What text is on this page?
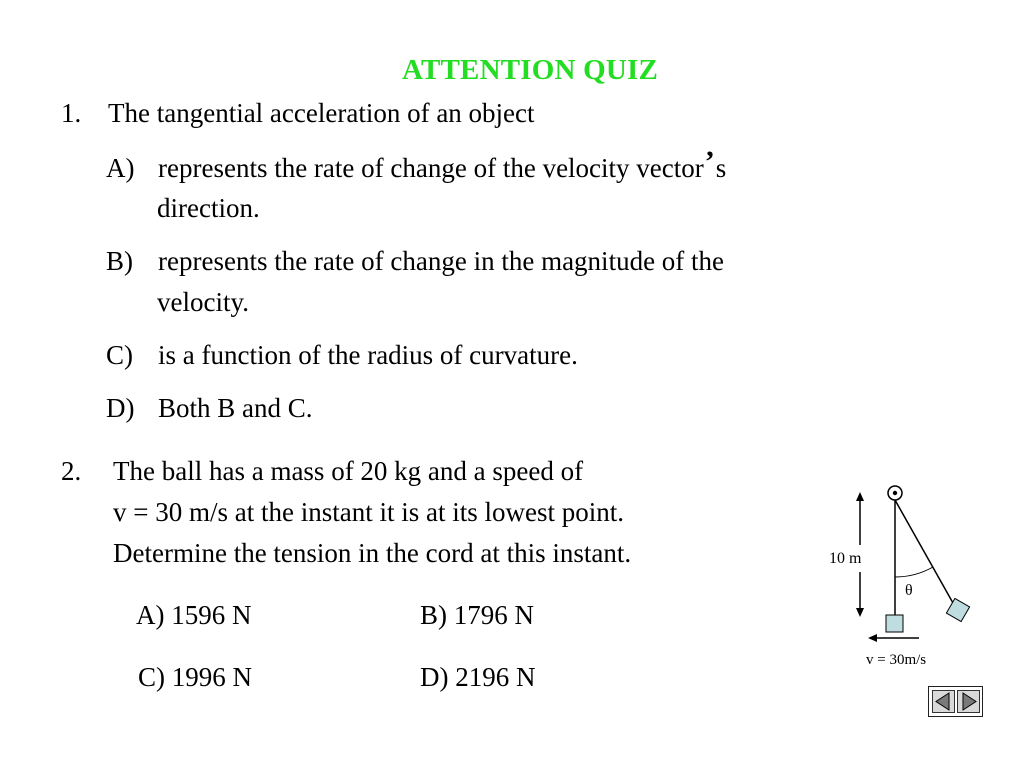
ATTENTION QUIZ
1. The tangential acceleration of an object
A) represents the rate of change of the velocity vector’s
direction.
B) represents the rate of change in the magnitude of the
velocity.
C) is a function of the radius of curvature.
D) Both B and C.
2. The ball has a mass of 20 kg and a speed of
v = 30 m/s at the instant it is at its lowest point.
Determine the tension in the cord at this instant.
A) 1596 N	B) 1796 N
C) 1996 N	D) 2196 N
10 m
θ
v = 30m/s
